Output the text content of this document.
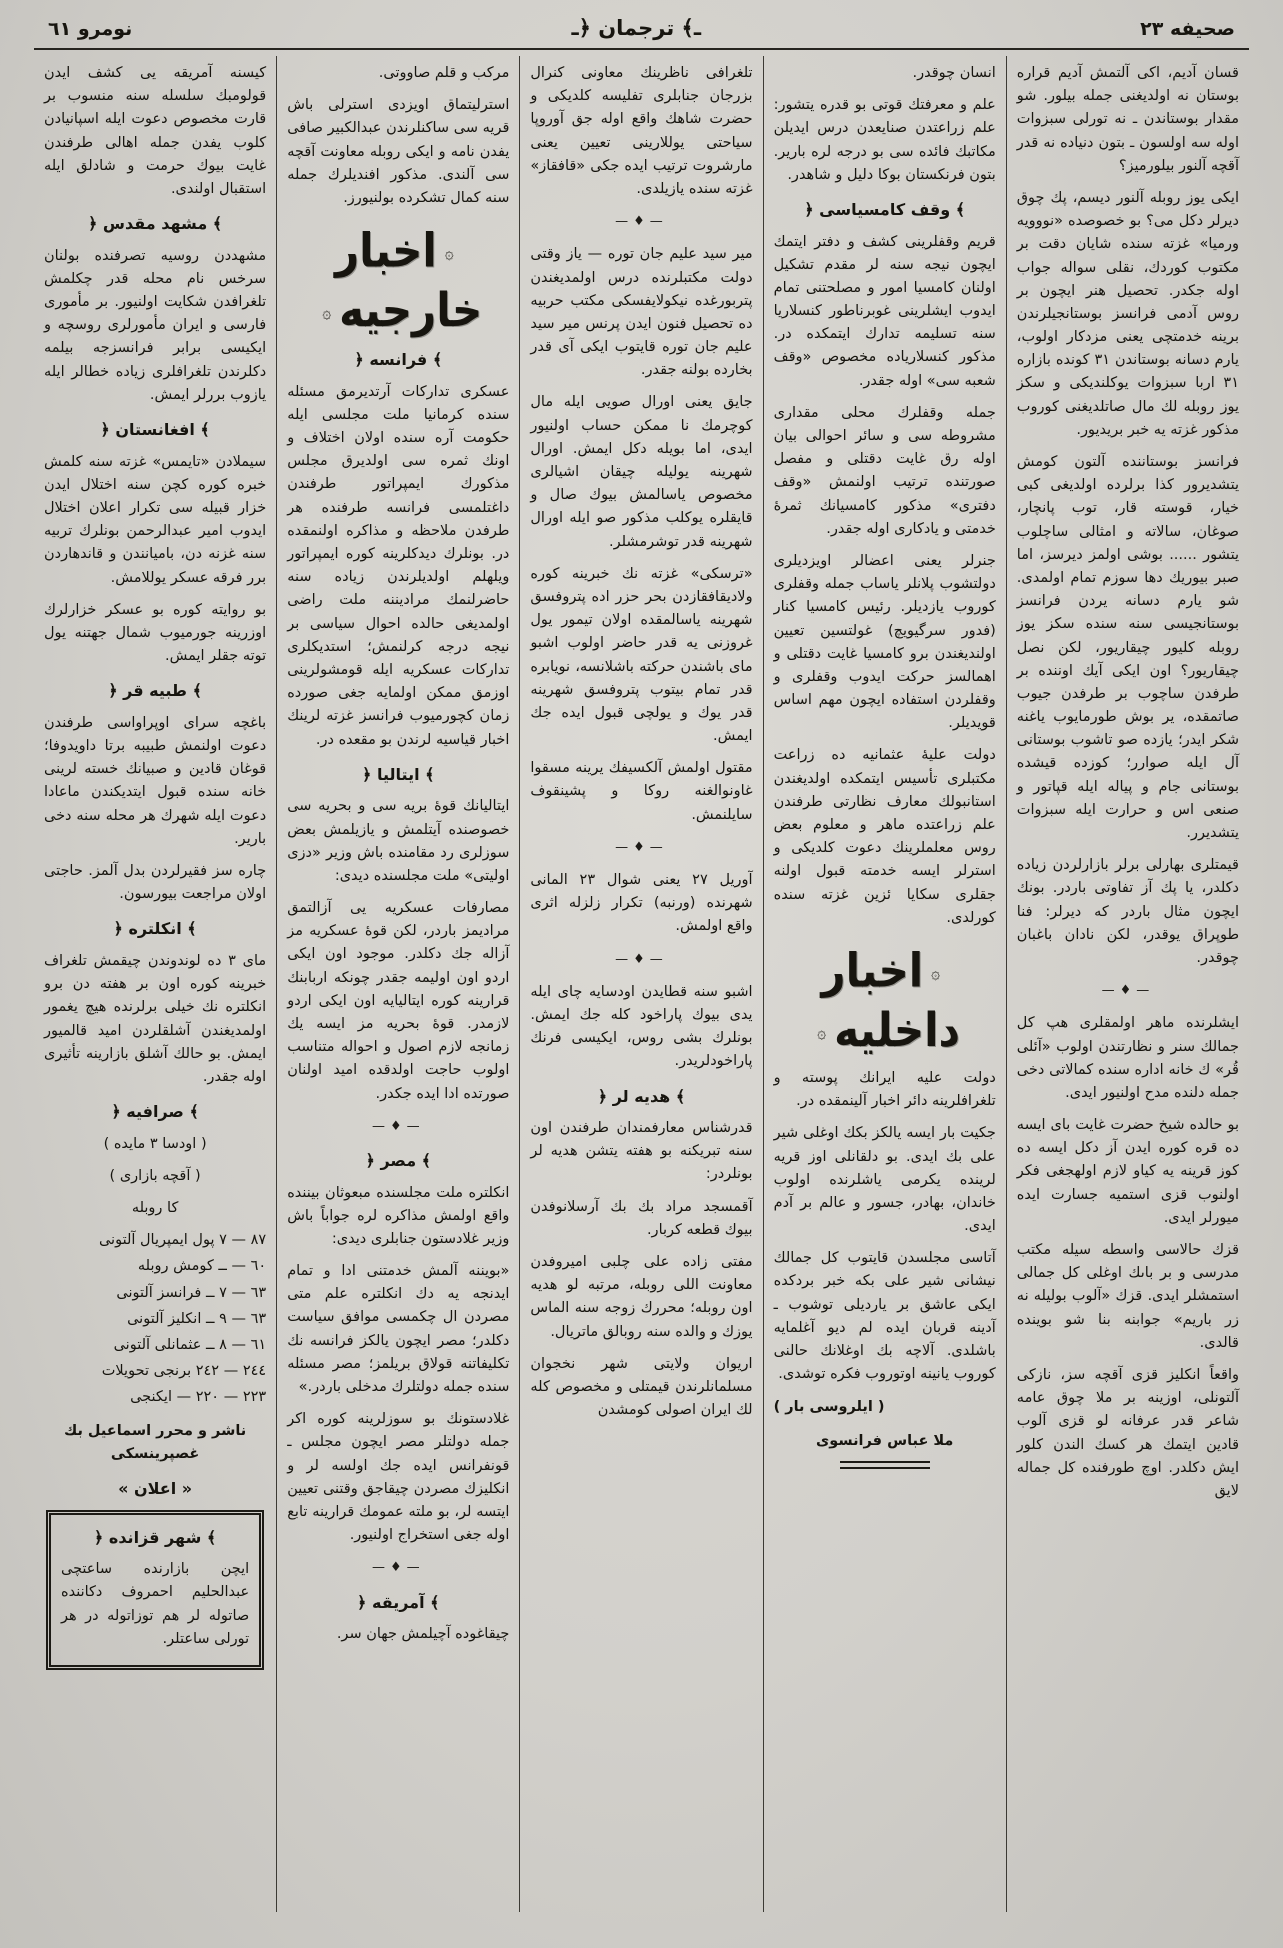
صحيفه ۲۳
ـ﴾ ترجمان ﴿ـ
نومرو ٦١
قسان آديم، اكى آلتمش آديم قراره بوستان نه اولديغنى جمله بيلور. شو مقدار بوستاندن ـ نه تورلى سبزوات اوله سه اولسون ـ بتون دنياده نه قدر آقچه آلنور بيلورميز؟
ايكى يوز روبله آلنور ديسم، پك چوق ديرلر دكل مى؟ بو خصوصده «نووويه ورميا» غزته سنده شايان دقت بر مكتوب كوردك، نقلى سواله جواب اوله جكدر. تحصيل هنر ايچون بر روس آدمى فرانسز بوستانجيلرندن برينه خدمتچى يعنى مزدكار اولوب، يارم دسانه بوستاندن ٣١ كونده بازاره ٣١ اربا سبزوات يوكلنديكى و سكز يوز روبله لك مال صاتلديغنى كوروب مذكور غزته يه خبر بريديور.
فرانسز بوستاننده آلتون كومش يتشديرور كذا برلرده اولديغى كبى خيار، قوسته قار، توب پانچار، صوغان، سالاته و امثالى ساچلوب يتشور ...... بوشى اولمز ديرسز، اما صبر بيوريك دها سوزم تمام اولمدى. شو يارم دسانه يردن فرانسز بوستانجيسى سنه سنده سكز يوز روبله كليور چيقاريور، لكن نصل چيقاريور؟ اون ايكى آيك اوننده بر طرفدن ساچوب بر طرفدن جيوب صاتمقده، ير بوش طورمايوب ياغنه شكر ايدر؛ يازده صو تاشوب بوستانى آل ايله صوارر؛ كوزده قيشده بوستانى جام و پياله ايله قپاتور و صنعى اس و حرارت ايله سبزوات يتشديرر.
قيمتلرى بهارلى برلر بازارلردن زياده دكلدر، يا پك آز تفاوتى باردر. بونك ايچون مثال باردر كه ديرلر: فنا طوپراق يوقدر، لكن نادان باغبان چوقدر.
—♦—
ايشلرنده ماهر اولمقلرى هپ كل جمالك سنر و نظارتندن اولوب «آئلى قُر» ك خانه اداره سنده كمالاتى دخى جمله دلنده مدح اولنيور ايدى.
بو حالده شيخ حضرت غايت باى ايسه ده قره كوره ايدن آز دكل ايسه ده كوز قرينه يه كياو لازم اولهجغى فكر اولنوب قزى استميه جسارت ايده ميورلر ايدى.
قزك حالاسى واسطه سيله مكتب مدرسى و بر باىك اوغلى كل جمالى استمشلر ايدى. قزك «آلوب بوليله نه زر باريم» جوابنه بنا شو بوينده قالدى.
واقعاً انكليز قزى آقچه سز، نازكى آلتونلى، اوزينه بر ملا چوق عامه شاعر قدر عرفانه لو قزى آلوب قادين ايتمك هر كسك الندن كلور ايش دكلدر. اوچ طورفنده كل جماله لايق
انسان چوقدر.
علم و معرفتك قوتى بو قدره يتشور: علم زراعتدن صنايعدن درس ايديلن مكاتبك فائده سى بو درجه لره بارير. بتون فرنكستان بوكا دليل و شاهدر.
﴾ وقف كامسياسى ﴿
قريم وقفلرينى كشف و دفتر ايتمك ايچون نيجه سنه لر مقدم تشكيل اولنان كامسيا امور و مصلحتنى تمام ايدوب ايشلرينى غوبرناطور كنسلاريا سنه تسليمه تدارك ايتمكده در. مذكور كنسلارياده مخصوص «وقف شعبه سى» اوله جقدر.
جمله وقفلرك محلى مقدارى مشروطه سى و سائر احوالى بيان اوله رق غايت دقتلى و مفصل صورتنده ترتيب اولنمش «وقف دفترى» مذكور كامسيانك ثمرهٔ خدمتى و يادكارى اوله جقدر.
جنرلر يعنى اعضالر اويزديلرى دولتشوب پلانلر ياساب جمله وقفلرى كوروب يازديلر. رئيس كامسيا كنار (فدور سرگيويچ) غولتسين تعيين اولنديغندن برو كامسيا غايت دقتلى و اهمالسز حركت ايدوب وقفلرى و وقفلردن استفاده ايچون مهم اساس قويديلر.
دولت عليهٔ عثمانيه ده زراعت مكتبلرى تأسيس ايتمكده اولديغندن استانبولك معارف نظارتى طرفندن علم زراعتده ماهر و معلوم بعض روس معلملرينك دعوت كلديكى و استرلر ايسه خدمته قبول اولنه جقلرى سكايا ئزين غزته سنده كورلدى.
۞ اخبار داخليه ۞
دولت عليه ايرانك پوسته و تلغرافلرينه دائر اخبار آلينمقده در.
جكيت بار ايسه يالكز بكك اوغلى شير على بك ايدى. بو دلقانلى اوز قريه لرينده يكرمى ياشلرنده اولوب خاندان، بهادر، جسور و عالم بر آدم ايدى.
آتاسى مجلسدن قايتوب كل جمالك نيشانى شير على بكه خبر بردكده ايكى عاشق بر يارديلى توشوب ـ آدينه قربان ايده لم ديو آغلمايه باشلدى. آلاچه بك اوغلانك حالنى كوروب يانينه اوتوروب فكره توشدى.
( ايلروسى بار )
ملا عباس فرانسوى
تلغرافى ناظرينك معاونى كنرال بزرجان جنابلرى تفليسه كلديكى و حضرت شاهك واقع اوله جق آوروپا سياحتى يوللارينى تعيين يعنى مارشروت ترتيب ايده جكى «قافقاز» غزته سنده يازيلدى.
—♦—
مير سيد عليم جان توره — ياز وقتى دولت مكتبلرنده درس اولمديغندن پتربورغده نيكولايفسكى مكتب حربيه ده تحصيل فنون ايدن پرنس مير سيد عليم جان توره قايتوب ايكى آى قدر بخارده بولنه جقدر.
جايق يعنى اورال صويى ايله مال كوچرمك نا ممكن حساب اولنيور ايدى، اما بويله دكل ايمش. اورال شهرينه يوليله چيقان اشيالرى مخصوص ياسالمش بيوك صال و قايقلره يوكلب مذكور صو ايله اورال شهرينه قدر توشرمشلر.
«ترسكى» غزته نك خبرينه كوره ولاديقافقازدن بحر حزر اده پتروفسق شهرينه ياسالمقده اولان تيمور يول غروزنى يه قدر حاضر اولوب اشبو ماى باشندن حركته باشلانسه، نويابره قدر تمام بيتوب پتروفسق شهرينه قدر يوك و يولچى قبول ايده جك ايمش.
مقتول اولمش آلكسيفك يرينه مسقوا غاونوالغنه روكا و پشينقوف سايلنمش.
—♦—
آوريل ۲۷ يعنى شوال ۲۳ المانى شهرنده (ورنبه) تكرار زلزله اثرى واقع اولمش.
—♦—
اشبو سنه قطايدن اودسايه چاى ايله يدى بيوك پاراخود كله جك ايمش. بونلرك بشى روس، ايكيسى فرنك پاراخودلريدر.
﴾ هديه لر ﴿
قدرشناس معارفمندان طرفندن اون سنه تبريكنه بو هفته يتشن هديه لر بونلردر:
آقمسجد مراد بك بك آرسلانوفدن بيوك قطعه كربار.
مفتى زاده على چلبى اميروفدن معاونت اللى روبله، مرتبه لو هديه اون روبله؛ محررك زوجه سنه الماس يوزك و والده سنه روبالق ماتريال.
اريوان ولايتى شهر نخجوان مسلمانلرندن قيمتلى و مخصوص كله لك ايران اصولى كومشدن
مركب و قلم صاووتى.
استرليتماق اويزدى استرلى باش قريه سى ساكنلرندن عبدالكبير صافى يفدن نامه و ايكى روبله معاونت آقچه سى آلندى. مذكور افنديلرك جمله سنه كمال تشكرده بولنيورز.
۞ اخبار خارجيه ۞
﴾ فرانسه ﴿
عسكرى تداركات آرتديرمق مسئله سنده كرمانيا ملت مجلسى ايله حكومت آره سنده اولان اختلاف و اونك ثمره سى اولديرق مجلس مذكورك ايمپراتور طرفندن داغتلمسى فرانسه طرفنده هر طرفدن ملاحظه و مذاكره اولنمقده در. بونلرك ديدكلرينه كوره ايمپراتور ويلهلم اولديلرندن زياده سنه حاضرلنمك مراديننه ملت راضى اولمديغى حالده احوال سياسى بر نيجه درجه كرلنمش؛ استديكلرى تداركات عسكريه ايله قومشولرينى اوزمق ممكن اولمايه جغى صورده زمان كچورميوب فرانسز غزته لرينك اخبار قياسيه لرندن بو مقعده در.
﴾ ايتاليا ﴿
ايتاليانك قوهٔ بريه سى و بحريه سى خصوصنده آيتلمش و يازيلمش بعض سوزلرى رد مقامنده باش وزير «دزى اوليتى» ملت مجلسنده ديدى:
مصارفات عسكريه يى آزالتمق مراديمز باردر، لكن قوهٔ عسكريه مز آزاله جك دكلدر. موجود اون ايكى اردو اون اوليمه جقدر چونكه اربابنك قرارينه كوره ايتاليايه اون ايكى اردو لازمدر. قوهٔ بحريه مز ايسه يك زمانجه لازم اصول و احواله متناسب اولوب حاجت اولدقده اميد اولنان صورتده ادا ايده جكدر.
—♦—
﴾ مصر ﴿
انكلتره ملت مجلسنده مبعوثان بيننده واقع اولمش مذاكره لره جواباً باش وزير غلادستون جنابلرى ديدى:
«بويننه آلمش خدمتنى ادا و تمام ايدنجه يه دك انكلتره علم متى مصردن ال چكمسى موافق سياست دكلدر؛ مصر ايچون يالكز فرانسه نك تكليفاتنه قولاق بريلمز؛ مصر مسئله سنده جمله دولتلرك مدخلى باردر.»
غلادستونك بو سوزلرينه كوره اكر جمله دولتلر مصر ايچون مجلس ـ قونفرانس ايده جك اولسه لر و انكليزك مصردن چيقاجق وقتنى تعيين ايتسه لر، بو ملته عمومك قرارينه تابع اوله جغى استخراج اولنيور.
—♦—
﴾ آمريقه ﴿
چيقاغوده آچيلمش جهان سر.
كيسنه آمريقه يى كشف ايدن قولومبك سلسله سنه منسوب بر قارت مخصوص دعوت ايله اسپانيادن كلوب يفدن جمله اهالى طرفندن غايت بيوك حرمت و شادلق ايله استقبال اولندى.
﴾ مشهد مقدس ﴿
مشهددن روسيه تصرفنده بولنان سرخس نام محله قدر چكلمش تلغرافدن شكايت اولنيور. بر مأمورى فارسى و ايران مأمورلرى روسچه و ايكيسى برابر فرانسزجه بيلمه دكلرندن تلغرافلرى زياده خطالر ايله يازوب بررلر ايمش.
﴾ افغانستان ﴿
سيملادن «تايمس» غزته سنه كلمش خبره كوره كچن سنه اختلال ايدن خزار قبيله سى تكرار اعلان اختلال ايدوب امير عبدالرحمن بونلرك تربيه سنه غزنه دن، باميانندن و قاندهاردن برر فرقه عسكر يوللامش.
بو روايته كوره بو عسكر خزارلرك اوزرينه جورميوب شمال جهتنه يول توته جقلر ايمش.
﴾ طبيه قر ﴿
باغچه سراى اوپراواسى طرفندن دعوت اولنمش طبيبه برتا داويدوفا؛ قوغان قادين و صبيانك خسته لرينى خانه سنده قبول ايتديكندن ماعادا دعوت ايله شهرك هر محله سنه دخى بارير.
چاره سز فقيرلردن بدل آلمز. حاجتى اولان مراجعت بيورسون.
﴾ انكلتره ﴿
ماى ٣ ده لوندوندن چيقمش تلغراف خبرينه كوره اون بر هفته دن برو انكلتره نك خيلى برلرنده هيچ يغمور اولمديغندن آشلقلردن اميد قالميور ايمش. بو حالك آشلق بازارينه تأثيرى اوله جقدر.
﴾ صرافيه ﴿
( اودسا ٣ مايده )
( آقچه بازارى )
كا روبله
٨٧ — ٧ پول ايمپريال آلتونى
٦٠ — ــ كومش روبله
٦٣ — ٧ ــ فرانسز آلتونى
٦٣ — ٩ ــ انكليز آلتونى
٦١ — ٨ ــ عثمانلى آلتونى
٢٤٤ — ٢٤٢ برنجى تحويلات
٢٢٣ — ٢٢٠ — ايكنجى
ناشر و محرر اسماعيل بك غصپرينسكى
« اعلان »
﴾ شهر قزانده ﴿

ايچن بازارنده ساعتچى عبدالحليم احمروف دكاننده صاتوله لر هم توزاتوله در هر تورلى ساعتلر.
